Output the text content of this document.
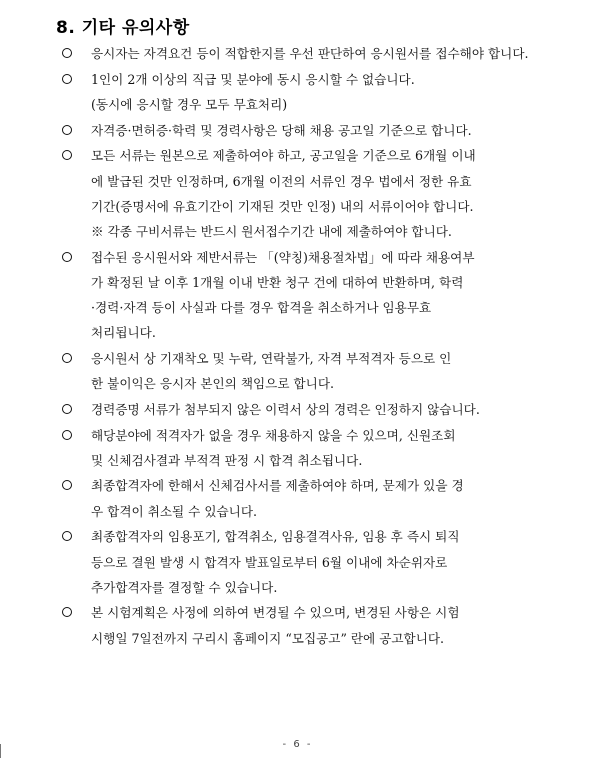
8. 기타 유의사항
응시자는 자격요건 등이 적합한지를 우선 판단하여 응시원서를 접수해야 합니다.
1인이 2개 이상의 직급 및 분야에 동시 응시할 수 없습니다.
(동시에 응시할 경우 모두 무효처리)
자격증·면허증·학력 및 경력사항은 당해 채용 공고일 기준으로 합니다.
모든 서류는 원본으로 제출하여야 하고, 공고일을 기준으로 6개월 이내
에 발급된 것만 인정하며, 6개월 이전의 서류인 경우 법에서 정한 유효
기간(증명서에 유효기간이 기재된 것만 인정) 내의 서류이어야 합니다.
※ 각종 구비서류는 반드시 원서접수기간 내에 제출하여야 합니다.
접수된 응시원서와 제반서류는 「(약칭)채용절차법」에 따라 채용여부
가 확정된 날 이후 1개월 이내 반환 청구 건에 대하여 반환하며, 학력
·경력·자격 등이 사실과 다를 경우 합격을 취소하거나 임용무효
처리됩니다.
응시원서 상 기재착오 및 누락, 연락불가, 자격 부적격자 등으로 인
한 불이익은 응시자 본인의 책임으로 합니다.
경력증명 서류가 첨부되지 않은 이력서 상의 경력은 인정하지 않습니다.
해당분야에 적격자가 없을 경우 채용하지 않을 수 있으며, 신원조회
및 신체검사결과 부적격 판정 시 합격 취소됩니다.
최종합격자에 한해서 신체검사서를 제출하여야 하며, 문제가 있을 경
우 합격이 취소될 수 있습니다.
최종합격자의 임용포기, 합격취소, 임용결격사유, 임용 후 즉시 퇴직
등으로 결원 발생 시 합격자 발표일로부터 6월 이내에 차순위자로
추가합격자를 결정할 수 있습니다.
본 시험계획은 사정에 의하여 변경될 수 있으며, 변경된 사항은 시험
시행일 7일전까지 구리시 홈페이지 “모집공고” 란에 공고합니다.
- 6 -
